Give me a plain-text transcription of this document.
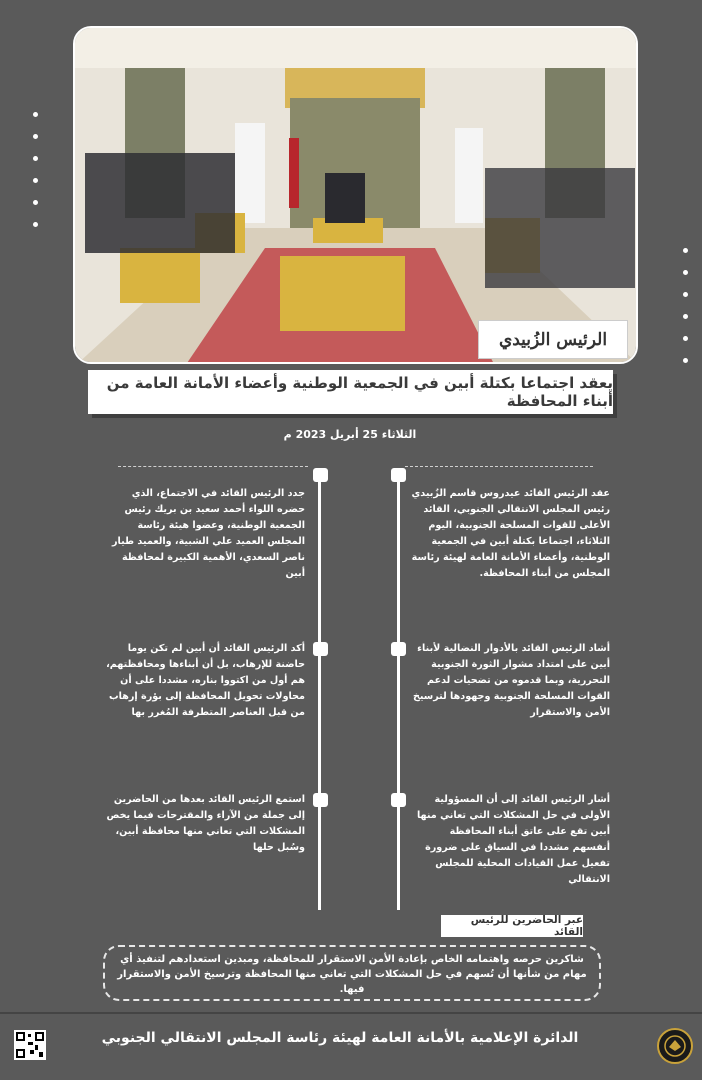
الرئيس الزُبيدي
يعقد اجتماعا بكتلة أبين في الجمعية الوطنية وأعضاء الأمانة العامة من أبناء المحافظة
الثلاثاء 25 أبريل 2023 م
عقد الرئيس القائد عيدروس قاسم الزُبيدي رئيس المجلس الانتقالي الجنوبي، القائد الأعلى للقوات المسلحة الجنوبية، اليوم الثلاثاء، اجتماعا بكتلة أبين في الجمعية الوطنية، وأعضاء الأمانة العامة لهيئة رئاسة المجلس من أبناء المحافظة.
جدد الرئيس القائد في الاجتماع، الذي حضره اللواء أحمد سعيد بن بريك رئيس الجمعية الوطنية، وعضوا هيئة رئاسة المجلس العميد علي الشبية، والعميد طيار ناصر السعدي، الأهمية الكبيرة لمحافظة أبين
أشاد الرئيس القائد بالأدوار النضالية لأبناء أبين على امتداد مشوار الثورة الجنوبية التحررية، وبما قدموه من تضحيات لدعم القوات المسلحة الجنوبية وجهودها لترسيخ الأمن والاستقرار
أكد الرئيس القائد أن أبين لم تكن يوما حاضنة للإرهاب، بل أن أبناءها ومحافظتهم، هم أول من اكتووا بناره، مشددا على أن محاولات تحويل المحافظة إلى بؤرة إرهاب من قبل العناصر المتطرفة المُغرر بها
أشار الرئيس القائد إلى أن المسؤولية الأولى في حل المشكلات التي تعاني منها أبين تقع على عاتق أبناء المحافظة أنفسهم مشددا في السياق على ضرورة تفعيل عمل القيادات المحلية للمجلس الانتقالي
استمع الرئيس القائد بعدها من الحاضرين إلى جملة من الآراء والمقترحات فيما يخص المشكلات التي تعاني منها محافظة أبين، وسُبل حلها
عبر الحاضرين للرئيس القائد
شاكرين حرصه واهتمامه الخاص بإعادة الأمن الاستقرار للمحافظة، ومبدين استعدادهم لتنفيذ أي مهام من شأنها أن تُسهم في حل المشكلات التي تعاني منها المحافظة وترسيخ الأمن والاستقرار فيها.
الدائرة الإعلامية بالأمانة العامة لهيئة رئاسة المجلس الانتقالي الجنوبي
